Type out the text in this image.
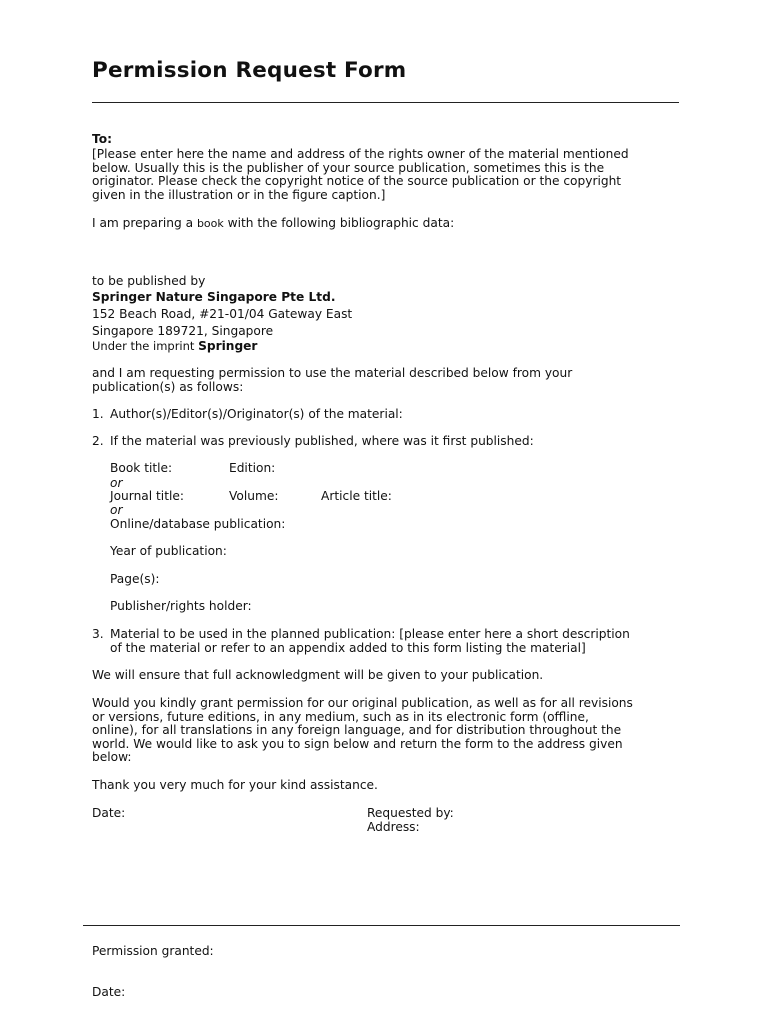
Permission Request Form
To:
[Please enter here the name and address of the rights owner of the material mentioned
below. Usually this is the publisher of your source publication, sometimes this is the
originator. Please check the copyright notice of the source publication or the copyright
given in the illustration or in the figure caption.]
I am preparing a book with the following bibliographic data:
to be published by
Springer Nature Singapore Pte Ltd.
152 Beach Road, #21-01/04 Gateway East
Singapore 189721, Singapore
Under the imprint Springer
and I am requesting permission to use the material described below from your
publication(s) as follows:
1. Author(s)/Editor(s)/Originator(s) of the material:
2. If the material was previously published, where was it first published:
Book title:	Edition:
or
Journal title:	Volume:	Article title:
or
Online/database publication:
Year of publication:
Page(s):
Publisher/rights holder:
3. Material to be used in the planned publication: [please enter here a short description
of the material or refer to an appendix added to this form listing the material]
We will ensure that full acknowledgment will be given to your publication.
Would you kindly grant permission for our original publication, as well as for all revisions
or versions, future editions, in any medium, such as in its electronic form (offline,
online), for all translations in any foreign language, and for distribution throughout the
world. We would like to ask you to sign below and return the form to the address given
below:
Thank you very much for your kind assistance.
Date:	Requested by:
Address:
Permission granted:
Date:
